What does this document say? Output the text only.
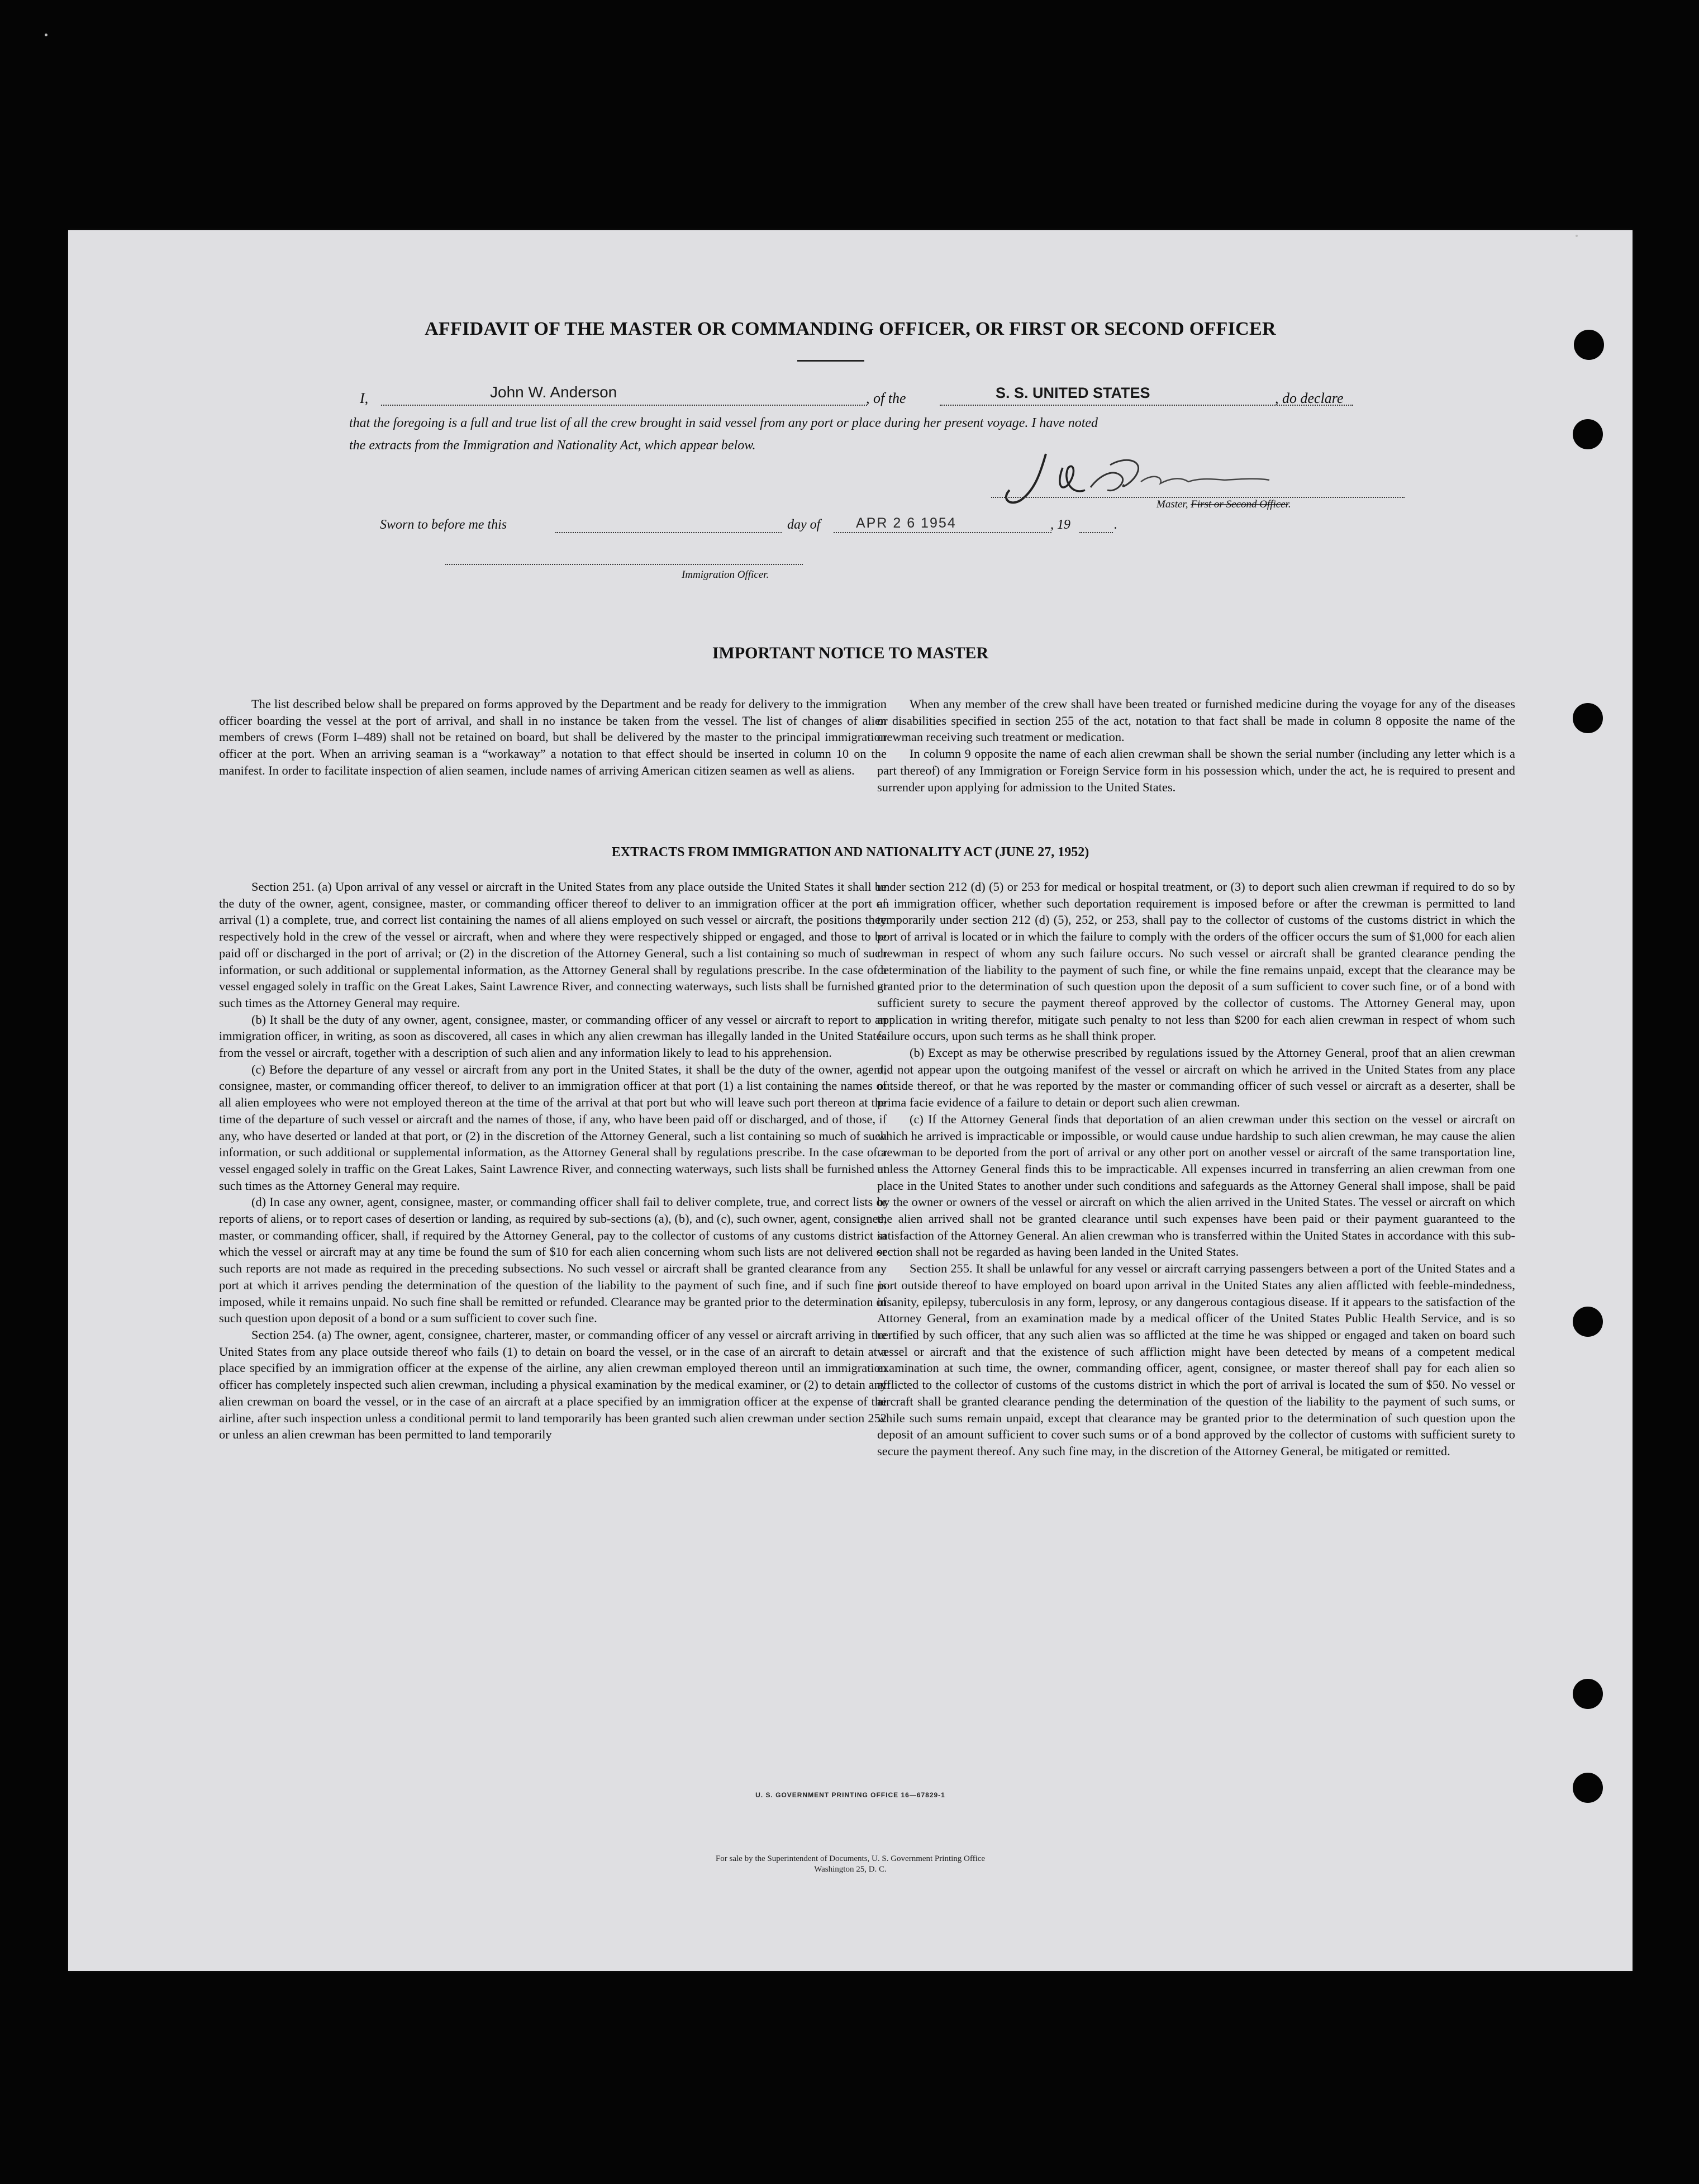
AFFIDAVIT OF THE MASTER OR COMMANDING OFFICER, OR FIRST OR SECOND OFFICER
I,	John W. Anderson	, of the	S. S. UNITED STATES	, do declare
that the foregoing is a full and true list of all the crew brought in said vessel from any port or place during her present voyage. I have noted
the extracts from the Immigration and Nationality Act, which appear below.
Master, First or Second Officer.
Sworn to before me this	day of	APR 2 6 1954	, 19	.
Immigration Officer.
IMPORTANT NOTICE TO MASTER

The list described below shall be prepared on forms approved by the Department and be ready for delivery to the immigration officer boarding the vessel at the port of arrival, and shall in no instance be taken from the vessel. The list of changes of alien members of crews (Form I–489) shall not be retained on board, but shall be delivered by the master to the principal immigration officer at the port. When an arriving seaman is a “workaway” a notation to that effect should be inserted in column 10 on the manifest. In order to facilitate inspection of alien seamen, include names of arriving American citizen seamen as well as aliens.

When any member of the crew shall have been treated or furnished medicine during the voyage for any of the diseases or disabilities specified in section 255 of the act, notation to that fact shall be made in column 8 opposite the name of the crewman receiving such treatment or medication.

In column 9 opposite the name of each alien crewman shall be shown the serial number (including any letter which is a part thereof) of any Immigration or Foreign Service form in his possession which, under the act, he is required to present and surrender upon applying for admission to the United States.

EXTRACTS FROM IMMIGRATION AND NATIONALITY ACT (JUNE 27, 1952)

Section 251. (a) Upon arrival of any vessel or aircraft in the United States from any place outside the United States it shall be the duty of the owner, agent, consignee, master, or commanding officer thereof to deliver to an immigration officer at the port of arrival (1) a complete, true, and correct list containing the names of all aliens employed on such vessel or aircraft, the positions they respectively hold in the crew of the vessel or aircraft, when and where they were respectively shipped or engaged, and those to be paid off or discharged in the port of arrival; or (2) in the discretion of the Attorney General, such a list containing so much of such information, or such additional or supplemental information, as the Attorney General shall by regulations prescribe. In the case of a vessel engaged solely in traffic on the Great Lakes, Saint Lawrence River, and connecting waterways, such lists shall be furnished at such times as the Attorney General may require.

(b) It shall be the duty of any owner, agent, consignee, master, or commanding officer of any vessel or aircraft to report to an immigration officer, in writing, as soon as discovered, all cases in which any alien crewman has illegally landed in the United States from the vessel or aircraft, together with a description of such alien and any information likely to lead to his apprehension.

(c) Before the departure of any vessel or aircraft from any port in the United States, it shall be the duty of the owner, agent, consignee, master, or commanding officer thereof, to deliver to an immigration officer at that port (1) a list containing the names of all alien employees who were not employed thereon at the time of the arrival at that port but who will leave such port thereon at the time of the departure of such vessel or aircraft and the names of those, if any, who have been paid off or discharged, and of those, if any, who have deserted or landed at that port, or (2) in the discretion of the Attorney General, such a list containing so much of such information, or such additional or supplemental information, as the Attorney General shall by regulations prescribe. In the case of a vessel engaged solely in traffic on the Great Lakes, Saint Lawrence River, and connecting waterways, such lists shall be furnished at such times as the Attorney General may require.

(d) In case any owner, agent, consignee, master, or commanding officer shall fail to deliver complete, true, and correct lists or reports of aliens, or to report cases of desertion or landing, as required by sub-sections (a), (b), and (c), such owner, agent, consignee, master, or commanding officer, shall, if required by the Attorney General, pay to the collector of customs of any customs district in which the vessel or aircraft may at any time be found the sum of $10 for each alien concerning whom such lists are not delivered or such reports are not made as required in the preceding subsections. No such vessel or aircraft shall be granted clearance from any port at which it arrives pending the determination of the question of the liability to the payment of such fine, and if such fine is imposed, while it remains unpaid. No such fine shall be remitted or refunded. Clearance may be granted prior to the determination of such question upon deposit of a bond or a sum sufficient to cover such fine.

Section 254. (a) The owner, agent, consignee, charterer, master, or commanding officer of any vessel or aircraft arriving in the United States from any place outside thereof who fails (1) to detain on board the vessel, or in the case of an aircraft to detain at a place specified by an immigration officer at the expense of the airline, any alien crewman employed thereon until an immigration officer has completely inspected such alien crewman, including a physical examination by the medical examiner, or (2) to detain any alien crewman on board the vessel, or in the case of an aircraft at a place specified by an immigration officer at the expense of the airline, after such inspection unless a conditional permit to land temporarily has been granted such alien crewman under section 252 or unless an alien crewman has been permitted to land temporarily

under section 212 (d) (5) or 253 for medical or hospital treatment, or (3) to deport such alien crewman if required to do so by an immigration officer, whether such deportation requirement is imposed before or after the crewman is permitted to land temporarily under section 212 (d) (5), 252, or 253, shall pay to the collector of customs of the customs district in which the port of arrival is located or in which the failure to comply with the orders of the officer occurs the sum of $1,000 for each alien crewman in respect of whom any such failure occurs. No such vessel or aircraft shall be granted clearance pending the determination of the liability to the payment of such fine, or while the fine remains unpaid, except that the clearance may be granted prior to the determination of such question upon the deposit of a sum sufficient to cover such fine, or of a bond with sufficient surety to secure the payment thereof approved by the collector of customs. The Attorney General may, upon application in writing therefor, mitigate such penalty to not less than $200 for each alien crewman in respect of whom such failure occurs, upon such terms as he shall think proper.

(b) Except as may be otherwise prescribed by regulations issued by the Attorney General, proof that an alien crewman did not appear upon the outgoing manifest of the vessel or aircraft on which he arrived in the United States from any place outside thereof, or that he was reported by the master or commanding officer of such vessel or aircraft as a deserter, shall be prima facie evidence of a failure to detain or deport such alien crewman.

(c) If the Attorney General finds that deportation of an alien crewman under this section on the vessel or aircraft on which he arrived is impracticable or impossible, or would cause undue hardship to such alien crewman, he may cause the alien crewman to be deported from the port of arrival or any other port on another vessel or aircraft of the same transportation line, unless the Attorney General finds this to be impracticable. All expenses incurred in transferring an alien crewman from one place in the United States to another under such conditions and safeguards as the Attorney General shall impose, shall be paid by the owner or owners of the vessel or aircraft on which the alien arrived in the United States. The vessel or aircraft on which the alien arrived shall not be granted clearance until such expenses have been paid or their payment guaranteed to the satisfaction of the Attorney General. An alien crewman who is transferred within the United States in accordance with this sub-section shall not be regarded as having been landed in the United States.

Section 255. It shall be unlawful for any vessel or aircraft carrying passengers between a port of the United States and a port outside thereof to have employed on board upon arrival in the United States any alien afflicted with feeble-mindedness, insanity, epilepsy, tuberculosis in any form, leprosy, or any dangerous contagious disease. If it appears to the satisfaction of the Attorney General, from an examination made by a medical officer of the United States Public Health Service, and is so certified by such officer, that any such alien was so afflicted at the time he was shipped or engaged and taken on board such vessel or aircraft and that the existence of such affliction might have been detected by means of a competent medical examination at such time, the owner, commanding officer, agent, consignee, or master thereof shall pay for each alien so afflicted to the collector of customs of the customs district in which the port of arrival is located the sum of $50. No vessel or aircraft shall be granted clearance pending the determination of the question of the liability to the payment of such sums, or while such sums remain unpaid, except that clearance may be granted prior to the determination of such question upon the deposit of an amount sufficient to cover such sums or of a bond approved by the collector of customs with sufficient surety to secure the payment thereof. Any such fine may, in the discretion of the Attorney General, be mitigated or remitted.

U. S. GOVERNMENT PRINTING OFFICE 16—67829-1
For sale by the Superintendent of Documents, U. S. Government Printing Office
Washington 25, D. C.
